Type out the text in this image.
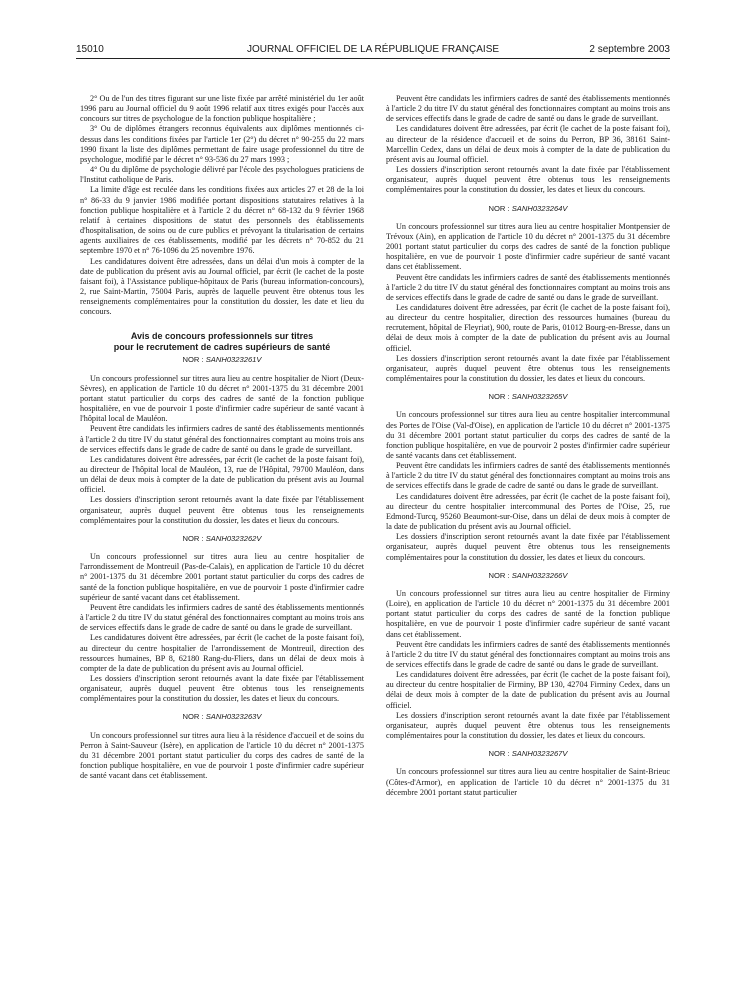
15010	JOURNAL OFFICIEL DE LA RÉPUBLIQUE FRANÇAISE	2 septembre 2003

2° Ou de l'un des titres figurant sur une liste fixée par arrêté ministériel du 1er août 1996 paru au Journal officiel du 9 août 1996 relatif aux titres exigés pour l'accès aux concours sur titres de psychologue de la fonction publique hospitalière ;

3° Ou de diplômes étrangers reconnus équivalents aux diplômes mentionnés ci-dessus dans les conditions fixées par l'article 1er (2°) du décret n° 90-255 du 22 mars 1990 fixant la liste des diplômes permettant de faire usage professionnel du titre de psychologue, modifié par le décret n° 93-536 du 27 mars 1993 ;

4° Ou du diplôme de psychologie délivré par l'école des psychologues praticiens de l'Institut catholique de Paris.

La limite d'âge est reculée dans les conditions fixées aux articles 27 et 28 de la loi n° 86-33 du 9 janvier 1986 modifiée portant dispositions statutaires relatives à la fonction publique hospitalière et à l'article 2 du décret n° 68-132 du 9 février 1968 relatif à certaines dispositions de statut des personnels des établissements d'hospitalisation, de soins ou de cure publics et prévoyant la titularisation de certains agents auxiliaires de ces établissements, modifié par les décrets n° 70-852 du 21 septembre 1970 et n° 76-1096 du 25 novembre 1976.

Les candidatures doivent être adressées, dans un délai d'un mois à compter de la date de publication du présent avis au Journal officiel, par écrit (le cachet de la poste faisant foi), à l'Assistance publique-hôpitaux de Paris (bureau information-concours), 2, rue Saint-Martin, 75004 Paris, auprès de laquelle peuvent être obtenus tous les renseignements complémentaires pour la constitution du dossier, les date et lieu du concours.

Avis de concours professionnels sur titres
pour le recrutement de cadres supérieurs de santé

NOR : SANH0323261V

Un concours professionnel sur titres aura lieu au centre hospitalier de Niort (Deux-Sèvres), en application de l'article 10 du décret n° 2001-1375 du 31 décembre 2001 portant statut particulier du corps des cadres de santé de la fonction publique hospitalière, en vue de pourvoir 1 poste d'infirmier cadre supérieur de santé vacant à l'hôpital local de Mauléon.

Peuvent être candidats les infirmiers cadres de santé des établissements mentionnés à l'article 2 du titre IV du statut général des fonctionnaires comptant au moins trois ans de services effectifs dans le grade de cadre de santé ou dans le grade de surveillant.

Les candidatures doivent être adressées, par écrit (le cachet de la poste faisant foi), au directeur de l'hôpital local de Mauléon, 13, rue de l'Hôpital, 79700 Mauléon, dans un délai de deux mois à compter de la date de publication du présent avis au Journal officiel.

Les dossiers d'inscription seront retournés avant la date fixée par l'établissement organisateur, auprès duquel peuvent être obtenus tous les renseignements complémentaires pour la constitution du dossier, les dates et lieux du concours.

NOR : SANH0323262V

Un concours professionnel sur titres aura lieu au centre hospitalier de l'arrondissement de Montreuil (Pas-de-Calais), en application de l'article 10 du décret n° 2001-1375 du 31 décembre 2001 portant statut particulier du corps des cadres de santé de la fonction publique hospitalière, en vue de pourvoir 1 poste d'infirmier cadre supérieur de santé vacant dans cet établissement.

Peuvent être candidats les infirmiers cadres de santé des établissements mentionnés à l'article 2 du titre IV du statut général des fonctionnaires comptant au moins trois ans de services effectifs dans le grade de cadre de santé ou dans le grade de surveillant.

Les candidatures doivent être adressées, par écrit (le cachet de la poste faisant foi), au directeur du centre hospitalier de l'arrondissement de Montreuil, direction des ressources humaines, BP 8, 62180 Rang-du-Fliers, dans un délai de deux mois à compter de la date de publication du présent avis au Journal officiel.

Les dossiers d'inscription seront retournés avant la date fixée par l'établissement organisateur, auprès duquel peuvent être obtenus tous les renseignements complémentaires pour la constitution du dossier, les dates et lieux du concours.

NOR : SANH0323263V

Un concours professionnel sur titres aura lieu à la résidence d'accueil et de soins du Perron à Saint-Sauveur (Isère), en application de l'article 10 du décret n° 2001-1375 du 31 décembre 2001 portant statut particulier du corps des cadres de santé de la fonction publique hospitalière, en vue de pourvoir 1 poste d'infirmier cadre supérieur de santé vacant dans cet établissement.

Peuvent être candidats les infirmiers cadres de santé des établissements mentionnés à l'article 2 du titre IV du statut général des fonctionnaires comptant au moins trois ans de services effectifs dans le grade de cadre de santé ou dans le grade de surveillant.

Les candidatures doivent être adressées, par écrit (le cachet de la poste faisant foi), au directeur de la résidence d'accueil et de soins du Perron, BP 36, 38161 Saint-Marcellin Cedex, dans un délai de deux mois à compter de la date de publication du présent avis au Journal officiel.

Les dossiers d'inscription seront retournés avant la date fixée par l'établissement organisateur, auprès duquel peuvent être obtenus tous les renseignements complémentaires pour la constitution du dossier, les dates et lieux du concours.

NOR : SANH0323264V

Un concours professionnel sur titres aura lieu au centre hospitalier Montpensier de Trévoux (Ain), en application de l'article 10 du décret n° 2001-1375 du 31 décembre 2001 portant statut particulier du corps des cadres de santé de la fonction publique hospitalière, en vue de pourvoir 1 poste d'infirmier cadre supérieur de santé vacant dans cet établissement.

Peuvent être candidats les infirmiers cadres de santé des établissements mentionnés à l'article 2 du titre IV du statut général des fonctionnaires comptant au moins trois ans de services effectifs dans le grade de cadre de santé ou dans le grade de surveillant.

Les candidatures doivent être adressées, par écrit (le cachet de la poste faisant foi), au directeur du centre hospitalier, direction des ressources humaines (bureau du recrutement, hôpital de Fleyriat), 900, route de Paris, 01012 Bourg-en-Bresse, dans un délai de deux mois à compter de la date de publication du présent avis au Journal officiel.

Les dossiers d'inscription seront retournés avant la date fixée par l'établissement organisateur, auprès duquel peuvent être obtenus tous les renseignements complémentaires pour la constitution du dossier, les dates et lieux du concours.

NOR : SANH0323265V

Un concours professionnel sur titres aura lieu au centre hospitalier intercommunal des Portes de l'Oise (Val-d'Oise), en application de l'article 10 du décret n° 2001-1375 du 31 décembre 2001 portant statut particulier du corps des cadres de santé de la fonction publique hospitalière, en vue de pourvoir 2 postes d'infirmier cadre supérieur de santé vacants dans cet établissement.

Peuvent être candidats les infirmiers cadres de santé des établissements mentionnés à l'article 2 du titre IV du statut général des fonctionnaires comptant au moins trois ans de services effectifs dans le grade de cadre de santé ou dans le grade de surveillant.

Les candidatures doivent être adressées, par écrit (le cachet de la poste faisant foi), au directeur du centre hospitalier intercommunal des Portes de l'Oise, 25, rue Edmond-Turcq, 95260 Beaumont-sur-Oise, dans un délai de deux mois à compter de la date de publication du présent avis au Journal officiel.

Les dossiers d'inscription seront retournés avant la date fixée par l'établissement organisateur, auprès duquel peuvent être obtenus tous les renseignements complémentaires pour la constitution du dossier, les dates et lieux du concours.

NOR : SANH0323266V

Un concours professionnel sur titres aura lieu au centre hospitalier de Firminy (Loire), en application de l'article 10 du décret n° 2001-1375 du 31 décembre 2001 portant statut particulier du corps des cadres de santé de la fonction publique hospitalière, en vue de pourvoir 1 poste d'infirmier cadre supérieur de santé vacant dans cet établissement.

Peuvent être candidats les infirmiers cadres de santé des établissements mentionnés à l'article 2 du titre IV du statut général des fonctionnaires comptant au moins trois ans de services effectifs dans le grade de cadre de santé ou dans le grade de surveillant.

Les candidatures doivent être adressées, par écrit (le cachet de la poste faisant foi), au directeur du centre hospitalier de Firminy, BP 130, 42704 Firminy Cedex, dans un délai de deux mois à compter de la date de publication du présent avis au Journal officiel.

Les dossiers d'inscription seront retournés avant la date fixée par l'établissement organisateur, auprès duquel peuvent être obtenus tous les renseignements complémentaires pour la constitution du dossier, les dates et lieux du concours.

NOR : SANH0323267V

Un concours professionnel sur titres aura lieu au centre hospitalier de Saint-Brieuc (Côtes-d'Armor), en application de l'article 10 du décret n° 2001-1375 du 31 décembre 2001 portant statut particulier
